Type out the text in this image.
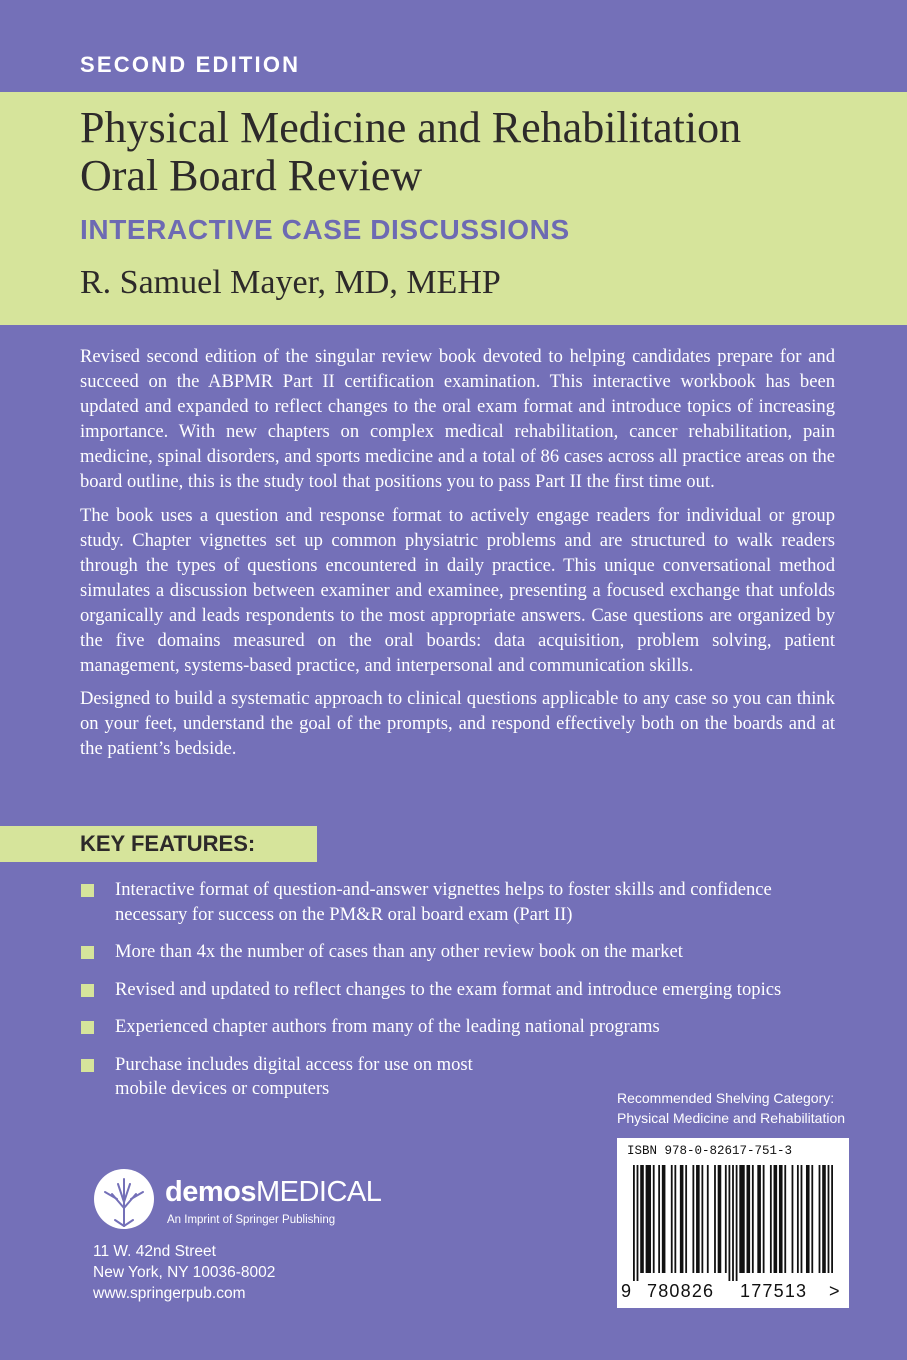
SECOND EDITION
Physical Medicine and Rehabilitation
Oral Board Review
INTERACTIVE CASE DISCUSSIONS
R. Samuel Mayer, MD, MEHP

Revised second edition of the singular review book devoted to helping candidates prepare for and succeed on the ABPMR Part II certification examination. This interactive workbook has been updated and expanded to reflect changes to the oral exam format and introduce topics of increasing importance. With new chapters on complex medical rehabilitation, cancer rehabilitation, pain medicine, spinal disorders, and sports medicine and a total of 86 cases across all practice areas on the board outline, this is the study tool that positions you to pass Part II the first time out.

The book uses a question and response format to actively engage readers for individual or group study. Chapter vignettes set up common physiatric problems and are structured to walk readers through the types of questions encountered in daily practice. This unique conversational method simulates a discussion between examiner and examinee, presenting a focused exchange that unfolds organically and leads respondents to the most appropriate answers. Case questions are organized by the five domains measured on the oral boards: data acquisition, problem solving, patient management, systems-based practice, and interpersonal and communication skills.

Designed to build a systematic approach to clinical questions applicable to any case so you can think on your feet, understand the goal of the prompts, and respond effectively both on the boards and at the patient’s bedside.

KEY FEATURES:
Interactive format of question-and-answer vignettes helps to foster skills and confidence necessary for success on the PM&R oral board exam (Part II)
More than 4x the number of cases than any other review book on the market
Revised and updated to reflect changes to the exam format and introduce emerging topics
Experienced chapter authors from many of the leading national programs
Purchase includes digital access for use on most mobile devices or computers
demosMEDICAL
An Imprint of Springer Publishing
11 W. 42nd Street
New York, NY 10036-8002
www.springerpub.com
Recommended Shelving Category:
Physical Medicine and Rehabilitation
ISBN 978-0-82617-751-3
9 780826 177513 >
